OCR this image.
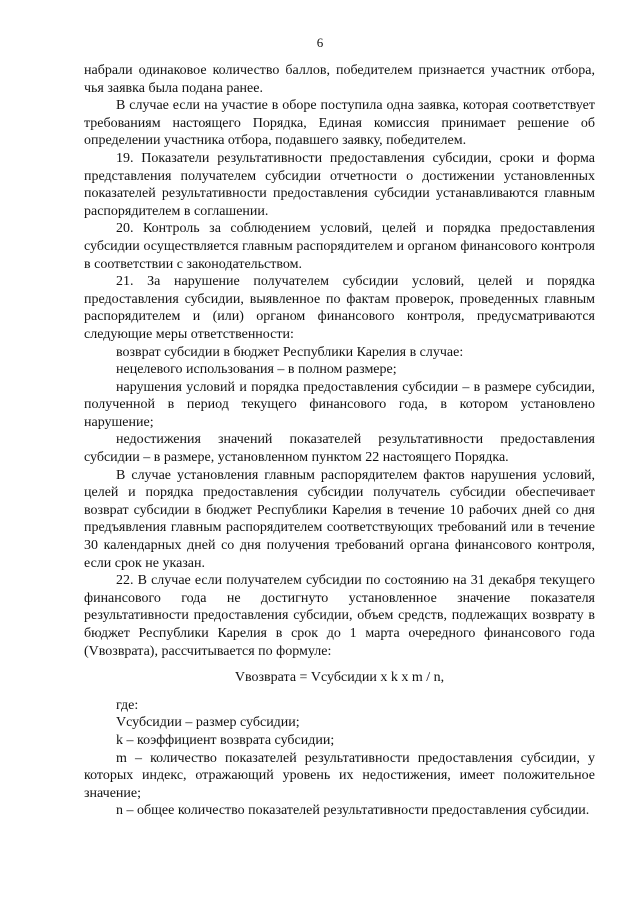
6

набрали одинаковое количество баллов, победителем признается участник отбора, чья заявка была подана ранее.

В случае если на участие в оборе поступила одна заявка, которая соответствует требованиям настоящего Порядка, Единая комиссия принимает решение об определении участника отбора, подавшего заявку, победителем.

19. Показатели результативности предоставления субсидии, сроки и форма представления получателем субсидии отчетности о достижении установленных показателей результативности предоставления субсидии устанавливаются главным распорядителем в соглашении.

20. Контроль за соблюдением условий, целей и порядка предоставления субсидии осуществляется главным распорядителем и органом финансового контроля в соответствии с законодательством.

21. За нарушение получателем субсидии условий, целей и порядка предоставления субсидии, выявленное по фактам проверок, проведенных главным распорядителем и (или) органом финансового контроля, предусматриваются следующие меры ответственности:

возврат субсидии в бюджет Республики Карелия в случае:

нецелевого использования – в полном размере;

нарушения условий и порядка предоставления субсидии – в размере субсидии, полученной в период текущего финансового года, в котором установлено нарушение;

недостижения значений показателей результативности предоставления субсидии – в размере, установленном пунктом 22 настоящего Порядка.

В случае установления главным распорядителем фактов нарушения условий, целей и порядка предоставления субсидии получатель субсидии обеспечивает возврат субсидии в бюджет Республики Карелия в течение 10 рабочих дней со дня предъявления главным распорядителем соответствующих требований или в течение 30 календарных дней со дня получения требований органа финансового контроля, если срок не указан.

22. В случае если получателем субсидии по состоянию на 31 декабря текущего финансового года не достигнуто установленное значение показателя результативности предоставления субсидии, объем средств, подлежащих возврату в бюджет Республики Карелия в срок до 1 марта очередного финансового года (Vвозврата), рассчитывается по формуле:

Vвозврата = Vсубсидии x k x m / n,

где:

Vсубсидии – размер субсидии;

k – коэффициент возврата субсидии;

m – количество показателей результативности предоставления субсидии, у которых индекс, отражающий уровень их недостижения, имеет положительное значение;

n – общее количество показателей результативности предоставления субсидии.
